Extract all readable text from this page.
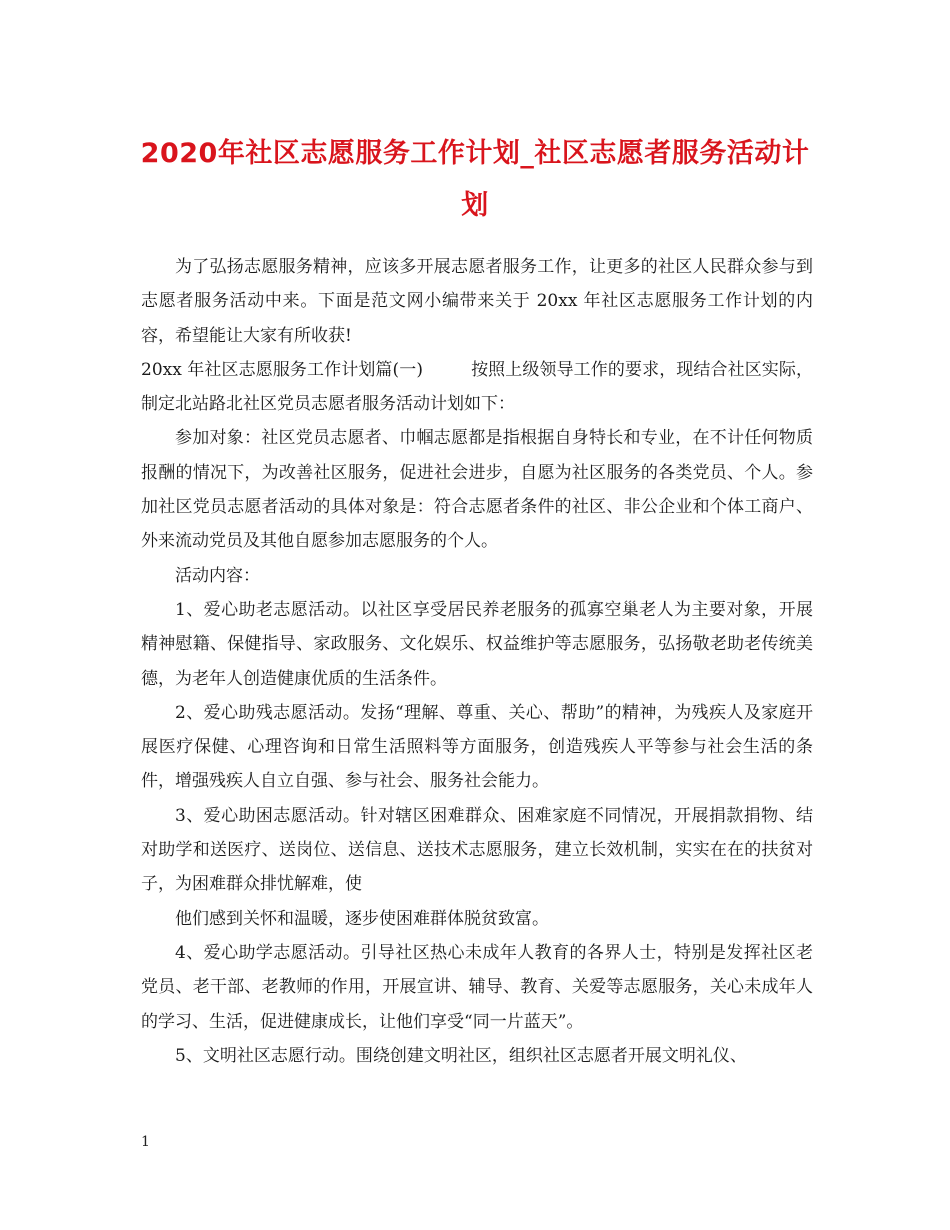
2020年社区志愿服务工作计划_社区志愿者服务活动计划

为了弘扬志愿服务精神，应该多开展志愿者服务工作，让更多的社区人民群众参与到志愿者服务活动中来。下面是范文网小编带来关于 20xx 年社区志愿服务工作计划的内容，希望能让大家有所收获!

20xx 年社区志愿服务工作计划篇(一)	按照上级领导工作的要求，现结合社区实际，制定北站路北社区党员志愿者服务活动计划如下：

参加对象：社区党员志愿者、巾帼志愿都是指根据自身特长和专业，在不计任何物质报酬的情况下，为改善社区服务，促进社会进步，自愿为社区服务的各类党员、个人。参加社区党员志愿者活动的具体对象是：符合志愿者条件的社区、非公企业和个体工商户、外来流动党员及其他自愿参加志愿服务的个人。

活动内容：

1、爱心助老志愿活动。以社区享受居民养老服务的孤寡空巢老人为主要对象，开展精神慰籍、保健指导、家政服务、文化娱乐、权益维护等志愿服务，弘扬敬老助老传统美德，为老年人创造健康优质的生活条件。

2、爱心助残志愿活动。发扬“理解、尊重、关心、帮助”的精神，为残疾人及家庭开展医疗保健、心理咨询和日常生活照料等方面服务，创造残疾人平等参与社会生活的条件，增强残疾人自立自强、参与社会、服务社会能力。

3、爱心助困志愿活动。针对辖区困难群众、困难家庭不同情况，开展捐款捐物、结对助学和送医疗、送岗位、送信息、送技术志愿服务，建立长效机制，实实在在的扶贫对子，为困难群众排忧解难，使

他们感到关怀和温暖，逐步使困难群体脱贫致富。

4、爱心助学志愿活动。引导社区热心未成年人教育的各界人士，特别是发挥社区老党员、老干部、老教师的作用，开展宣讲、辅导、教育、关爱等志愿服务，关心未成年人的学习、生活，促进健康成长，让他们享受“同一片蓝天”。

5、文明社区志愿行动。围绕创建文明社区，组织社区志愿者开展文明礼仪、

1
